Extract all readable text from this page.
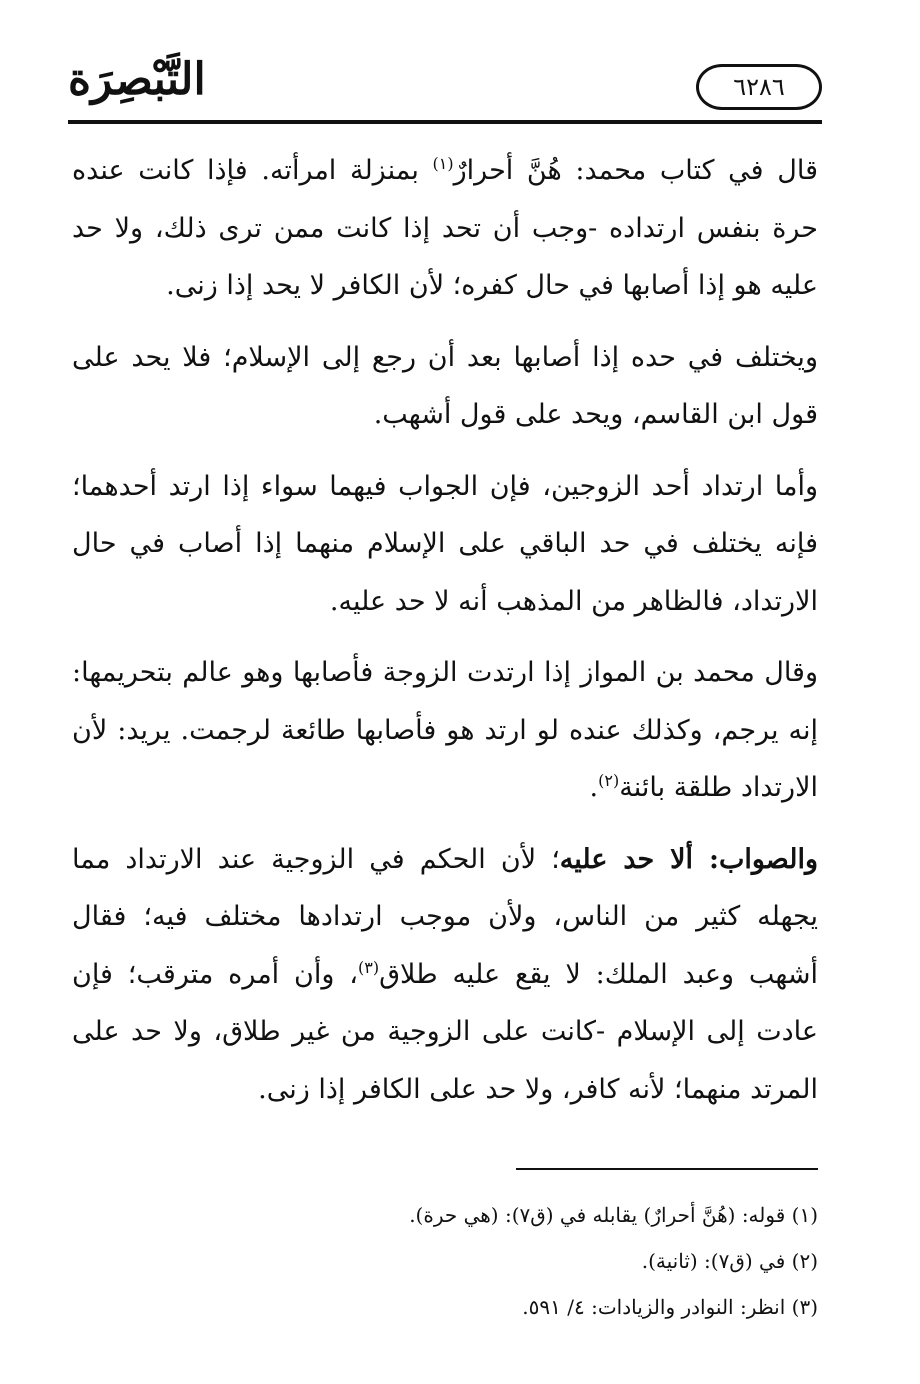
التَّبْصِرَة	٦٢٨٦

قال في كتاب محمد: هُنَّ أحرارٌ$^{(١)}$ بمنزلة امرأته. فإذا كانت عنده حرة بنفس ارتداده -وجب أن تحد إذا كانت ممن ترى ذلك، ولا حد عليه هو إذا أصابها في حال كفره؛ لأن الكافر لا يحد إذا زنى.

ويختلف في حده إذا أصابها بعد أن رجع إلى الإسلام؛ فلا يحد على قول ابن القاسم، ويحد على قول أشهب.

وأما ارتداد أحد الزوجين، فإن الجواب فيهما سواء إذا ارتد أحدهما؛ فإنه يختلف في حد الباقي على الإسلام منهما إذا أصاب في حال الارتداد، فالظاهر من المذهب أنه لا حد عليه.

وقال محمد بن المواز إذا ارتدت الزوجة فأصابها وهو عالم بتحريمها: إنه يرجم، وكذلك عنده لو ارتد هو فأصابها طائعة لرجمت. يريد: لأن الارتداد طلقة بائنة$^{(٢)}$.

والصواب: ألا حد عليه؛ لأن الحكم في الزوجية عند الارتداد مما يجهله كثير من الناس، ولأن موجب ارتدادها مختلف فيه؛ فقال أشهب وعبد الملك: لا يقع عليه طلاق$^{(٣)}$، وأن أمره مترقب؛ فإن عادت إلى الإسلام -كانت على الزوجية من غير طلاق، ولا حد على المرتد منهما؛ لأنه كافر، ولا حد على الكافر إذا زنى.

(١) قوله: (هُنَّ أحرارٌ) يقابله في (ق٧): (هي حرة).
(٢) في (ق٧): (ثانية).
(٣) انظر: النوادر والزيادات: ٤/ ٥٩١.
